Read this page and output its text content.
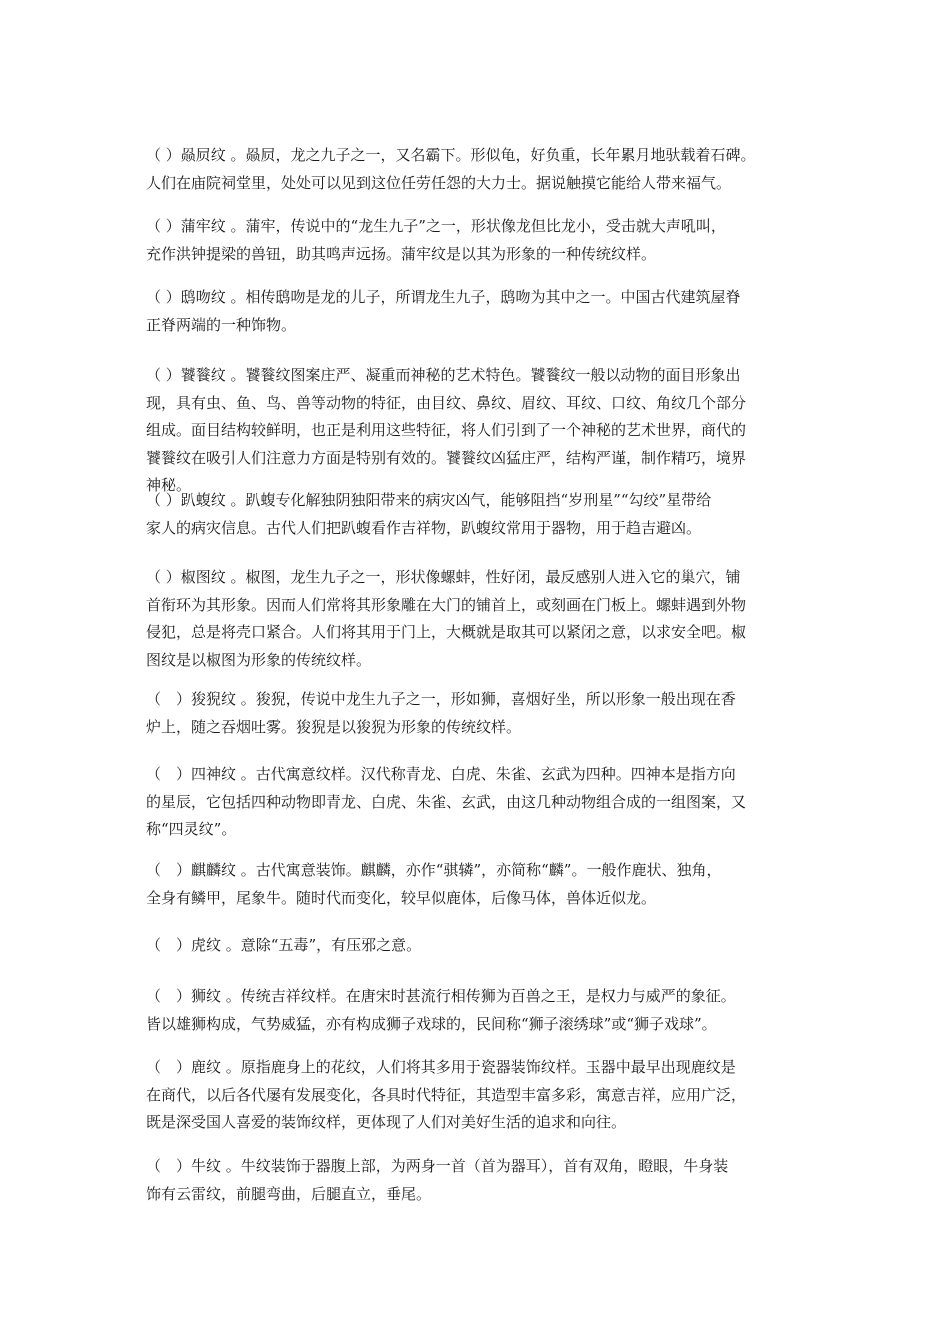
（ ）赑屃纹 。赑屃，龙之九子之一，又名霸下。形似龟，好负重，长年累月地驮载着石碑。
人们在庙院祠堂里，处处可以见到这位任劳任怨的大力士。据说触摸它能给人带来福气。
（ ）蒲牢纹 。蒲牢，传说中的“龙生九子”之一，形状像龙但比龙小，受击就大声吼叫，
充作洪钟提梁的兽钮，助其鸣声远扬。蒲牢纹是以其为形象的一种传统纹样。
（ ）鸱吻纹 。相传鸱吻是龙的儿子，所谓龙生九子，鸱吻为其中之一。中国古代建筑屋脊
正脊两端的一种饰物。
（ ）饕餮纹 。饕餮纹图案庄严、凝重而神秘的艺术特色。饕餮纹一般以动物的面目形象出
现，具有虫、鱼、鸟、兽等动物的特征，由目纹、鼻纹、眉纹、耳纹、口纹、角纹几个部分
组成。面目结构较鲜明，也正是利用这些特征，将人们引到了一个神秘的艺术世界，商代的
饕餮纹在吸引人们注意力方面是特别有效的。饕餮纹凶猛庄严，结构严谨，制作精巧，境界
神秘。
（ ）趴蝮纹 。趴蝮专化解独阴独阳带来的病灾凶气，能够阻挡“岁刑星”“勾绞”星带给
家人的病灾信息。古代人们把趴蝮看作吉祥物，趴蝮纹常用于器物，用于趋吉避凶。
（ ）椒图纹 。椒图，龙生九子之一，形状像螺蚌，性好闭，最反感别人进入它的巢穴，铺
首衔环为其形象。因而人们常将其形象雕在大门的铺首上，或刻画在门板上。螺蚌遇到外物
侵犯，总是将壳口紧合。人们将其用于门上，大概就是取其可以紧闭之意，以求安全吧。椒
图纹是以椒图为形象的传统纹样。
（　）狻猊纹 。狻猊，传说中龙生九子之一，形如狮，喜烟好坐，所以形象一般出现在香
炉上，随之吞烟吐雾。狻猊是以狻猊为形象的传统纹样。
（　）四神纹 。古代寓意纹样。汉代称青龙、白虎、朱雀、玄武为四种。四神本是指方向
的星辰，它包括四种动物即青龙、白虎、朱雀、玄武，由这几种动物组合成的一组图案，又
称“四灵纹”。
（　）麒麟纹 。古代寓意装饰。麒麟，亦作“骐辚”，亦简称“麟”。一般作鹿状、独角，
全身有鳞甲，尾象牛。随时代而变化，较早似鹿体，后像马体，兽体近似龙。
（　）虎纹 。意除“五毒”，有压邪之意。
（　）狮纹 。传统吉祥纹样。在唐宋时甚流行相传狮为百兽之王，是权力与威严的象征。
皆以雄狮构成，气势威猛，亦有构成狮子戏球的，民间称“狮子滚绣球”或“狮子戏球”。
（　）鹿纹 。原指鹿身上的花纹，人们将其多用于瓷器装饰纹样。玉器中最早出现鹿纹是
在商代，以后各代屡有发展变化，各具时代特征，其造型丰富多彩，寓意吉祥，应用广泛，
既是深受国人喜爱的装饰纹样，更体现了人们对美好生活的追求和向往。
（　）牛纹 。牛纹装饰于器腹上部，为两身一首（首为器耳），首有双角，瞪眼，牛身装
饰有云雷纹，前腿弯曲，后腿直立，垂尾。
